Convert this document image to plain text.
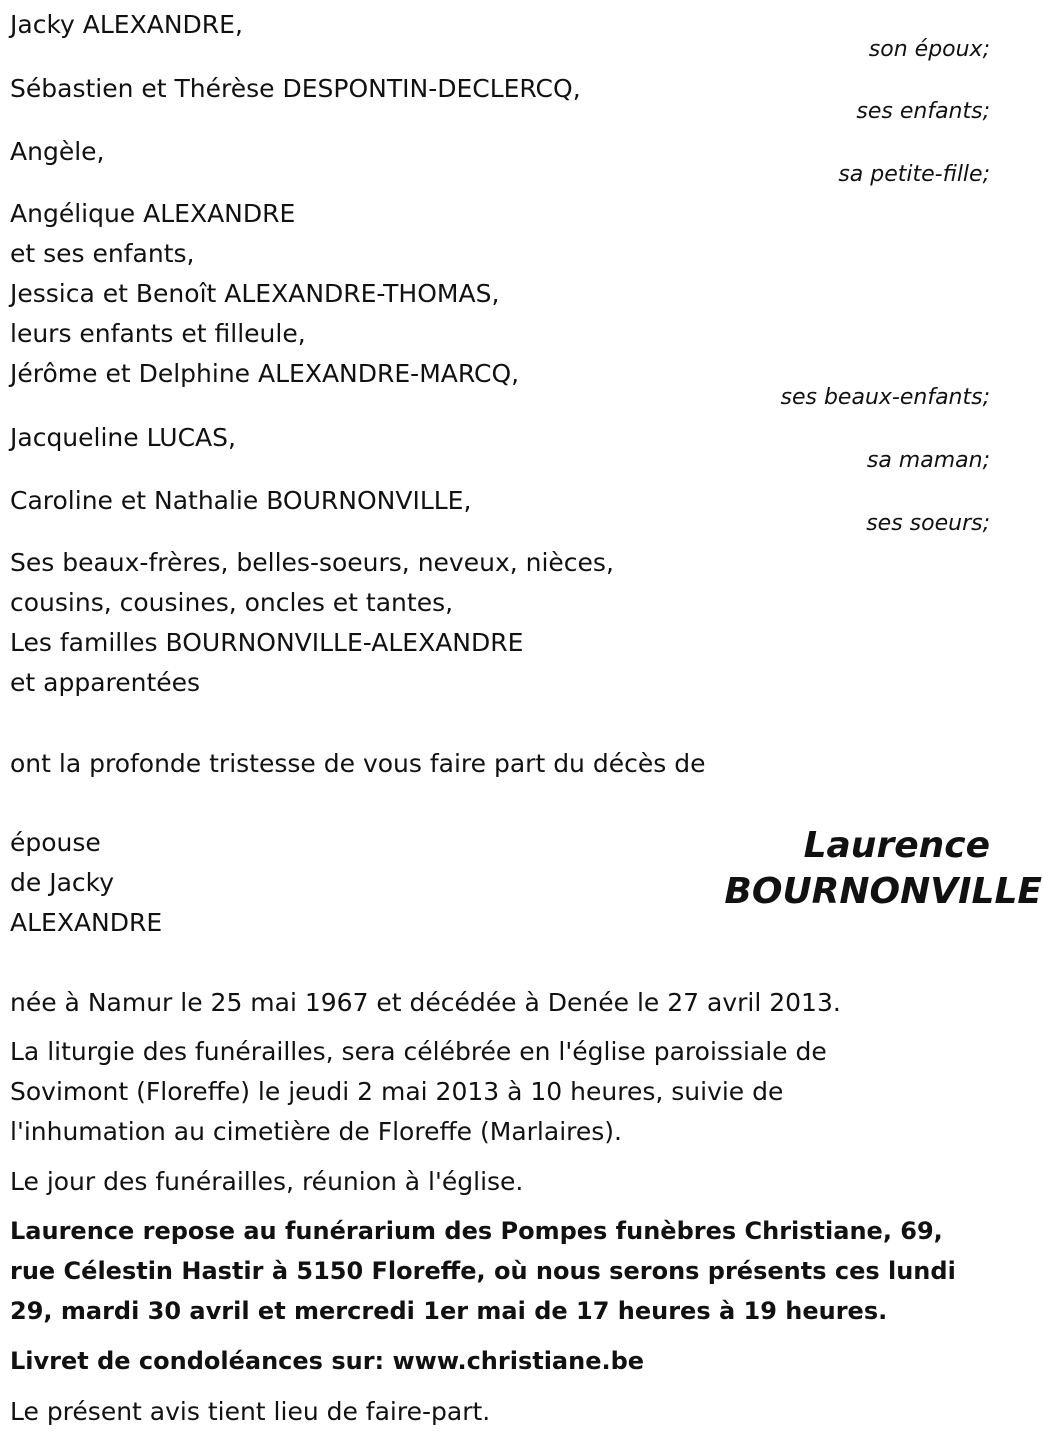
Jacky ALEXANDRE,
son époux;
Sébastien et Thérèse DESPONTIN-DECLERCQ,
ses enfants;
Angèle,
sa petite-fille;
Angélique ALEXANDRE
et ses enfants,
Jessica et Benoît ALEXANDRE-THOMAS,
leurs enfants et filleule,
Jérôme et Delphine ALEXANDRE-MARCQ,
ses beaux-enfants;
Jacqueline LUCAS,
sa maman;
Caroline et Nathalie BOURNONVILLE,
ses soeurs;
Ses beaux-frères, belles-soeurs, neveux, nièces,
cousins, cousines, oncles et tantes,
Les familles BOURNONVILLE-ALEXANDRE
et apparentées
ont la profonde tristesse de vous faire part du décès de
épouse
de Jacky
ALEXANDRE
Laurence
BOURNONVILLE
née à Namur le 25 mai 1967 et décédée à Denée le 27 avril 2013.
La liturgie des funérailles, sera célébrée en l'église paroissiale de
Sovimont (Floreffe) le jeudi 2 mai 2013 à 10 heures, suivie de
l'inhumation au cimetière de Floreffe (Marlaires).
Le jour des funérailles, réunion à l'église.
Laurence repose au funérarium des Pompes funèbres Christiane, 69,
rue Célestin Hastir à 5150 Floreffe, où nous serons présents ces lundi
29, mardi 30 avril et mercredi 1er mai de 17 heures à 19 heures.
Livret de condoléances sur: www.christiane.be
Le présent avis tient lieu de faire-part.
